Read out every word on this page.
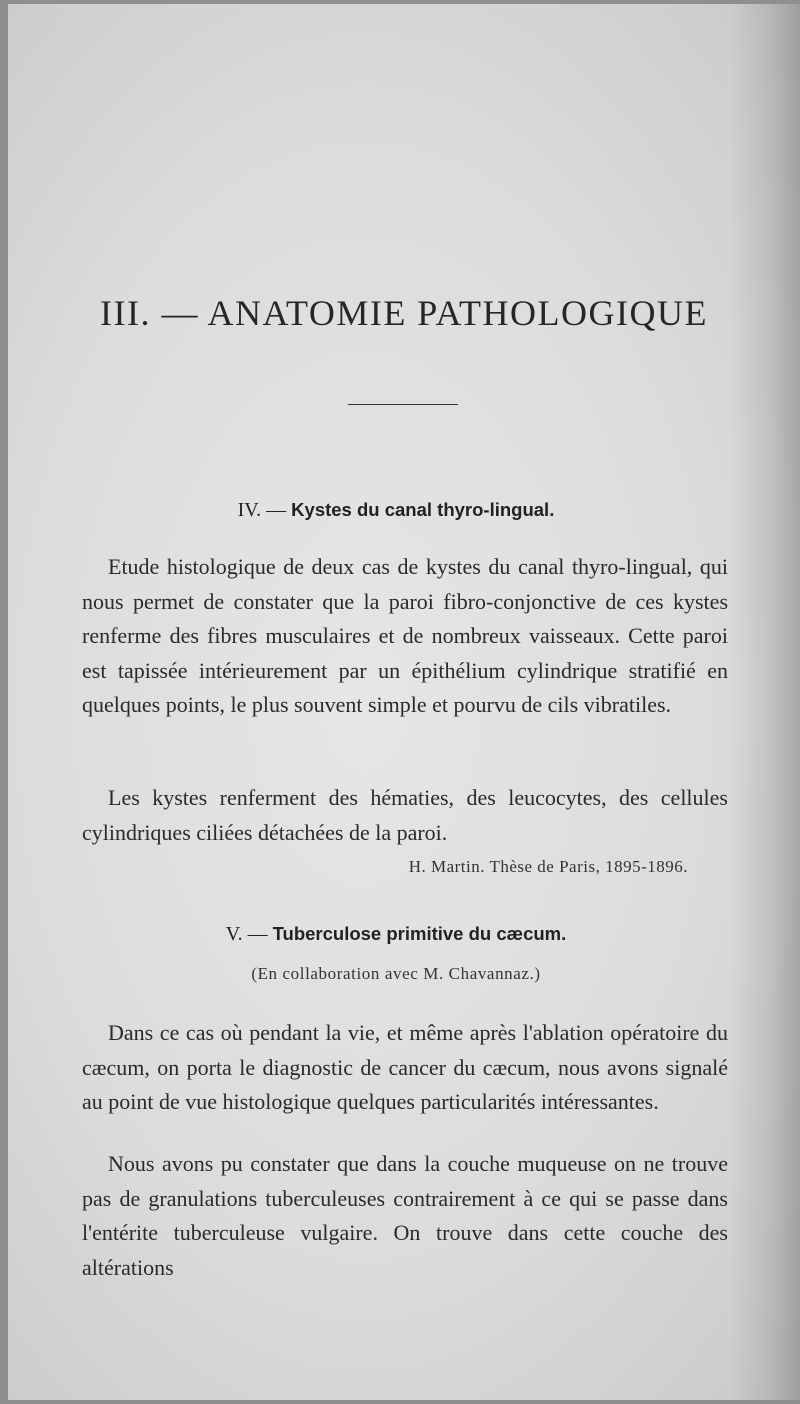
III. — ANATOMIE PATHOLOGIQUE
IV. — Kystes du canal thyro-lingual.

Etude histologique de deux cas de kystes du canal thyro-lingual, qui nous permet de constater que la paroi fibro-conjonctive de ces kystes renferme des fibres musculaires et de nombreux vaisseaux. Cette paroi est tapissée intérieurement par un épithélium cylindrique stratifié en quelques points, le plus souvent simple et pourvu de cils vibratiles.

Les kystes renferment des hématies, des leucocytes, des cellules cylindriques ciliées détachées de la paroi.

H. Martin. Thèse de Paris, 1895-1896.
V. — Tuberculose primitive du cæcum.
(En collaboration avec M. Chavannaz.)

Dans ce cas où pendant la vie, et même après l'ablation opératoire du cæcum, on porta le diagnostic de cancer du cæcum, nous avons signalé au point de vue histologique quelques particularités intéressantes.

Nous avons pu constater que dans la couche muqueuse on ne trouve pas de granulations tuberculeuses contrairement à ce qui se passe dans l'entérite tuberculeuse vulgaire. On trouve dans cette couche des altérations
